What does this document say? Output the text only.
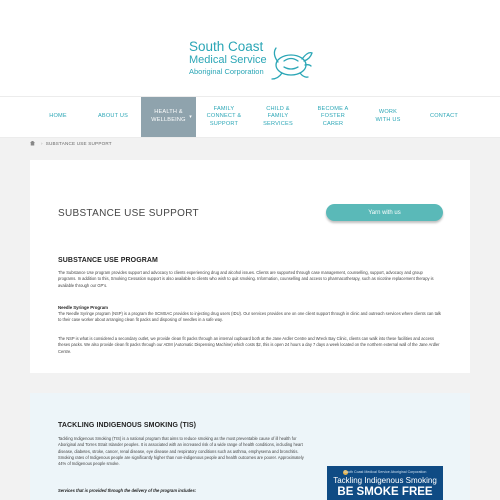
South Coast
Medical Service
Aboriginal Corporation
HOME	ABOUT US
HEALTH & WELLBEING ▾
FAMILY CONNECT & SUPPORT
CHILD & FAMILY SERVICES
BECOME A FOSTER CARER
WORK WITH US
CONTACT
› SUBSTANCE USE SUPPORT
SUBSTANCE USE SUPPORT	Yarn with us
SUBSTANCE USE PROGRAM
The Substance Use program provides support and advocacy to clients experiencing drug and alcohol issues. Clients are supported through case management, counselling, support, advocacy and group programs. In addition to this, Smoking Cessation support is also available to clients who wish to quit smoking. Information, counselling and access to pharmacotherapy, such as nicotine replacement therapy is available through our GP's.
Needle Syringe Program
The Needle Syringe program (NSP) is a program the SCMSAC provides to injecting drug users (IDU). Our services provides one on one client support through in clinic and outreach services where clients can talk to their case worker about arranging clean fit packs and disposing of needles in a safe way.
The NSP is what is considered a secondary outlet, we provide clean fit packs through an internal cupboard both at the Jane Ardler Centre and Wreck Bay Clinic, clients can walk into these facilities and access theses packs. We also provide clean fit packs through our ADM (Automatic Dispensing Machine) which costs $2, this is open 24 hours a day 7 days a week located on the northern external wall of the Jane Ardler Centre.
TACKLING INDIGENOUS SMOKING (TIS)
Tackling Indigenous Smoking (TIS) is a national program that aims to reduce smoking as the most preventable cause of ill health for Aboriginal and Torres Strait Islander peoples. It is associated with an increased risk of a wide range of health conditions, including heart disease, diabetes, stroke, cancer, renal disease, eye disease and respiratory conditions such as asthma, emphysema and bronchitis. Smoking rates of Indigenous people are significantly higher than non-indigenous people and health outcomes are poorer. Approximately 44% of Indigenous people smoke.
Services that is provided through the delivery of the program includes:
South Coast Medical Service Aboriginal Corporation
Tackling Indigenous Smoking
BE SMOKE FREE
